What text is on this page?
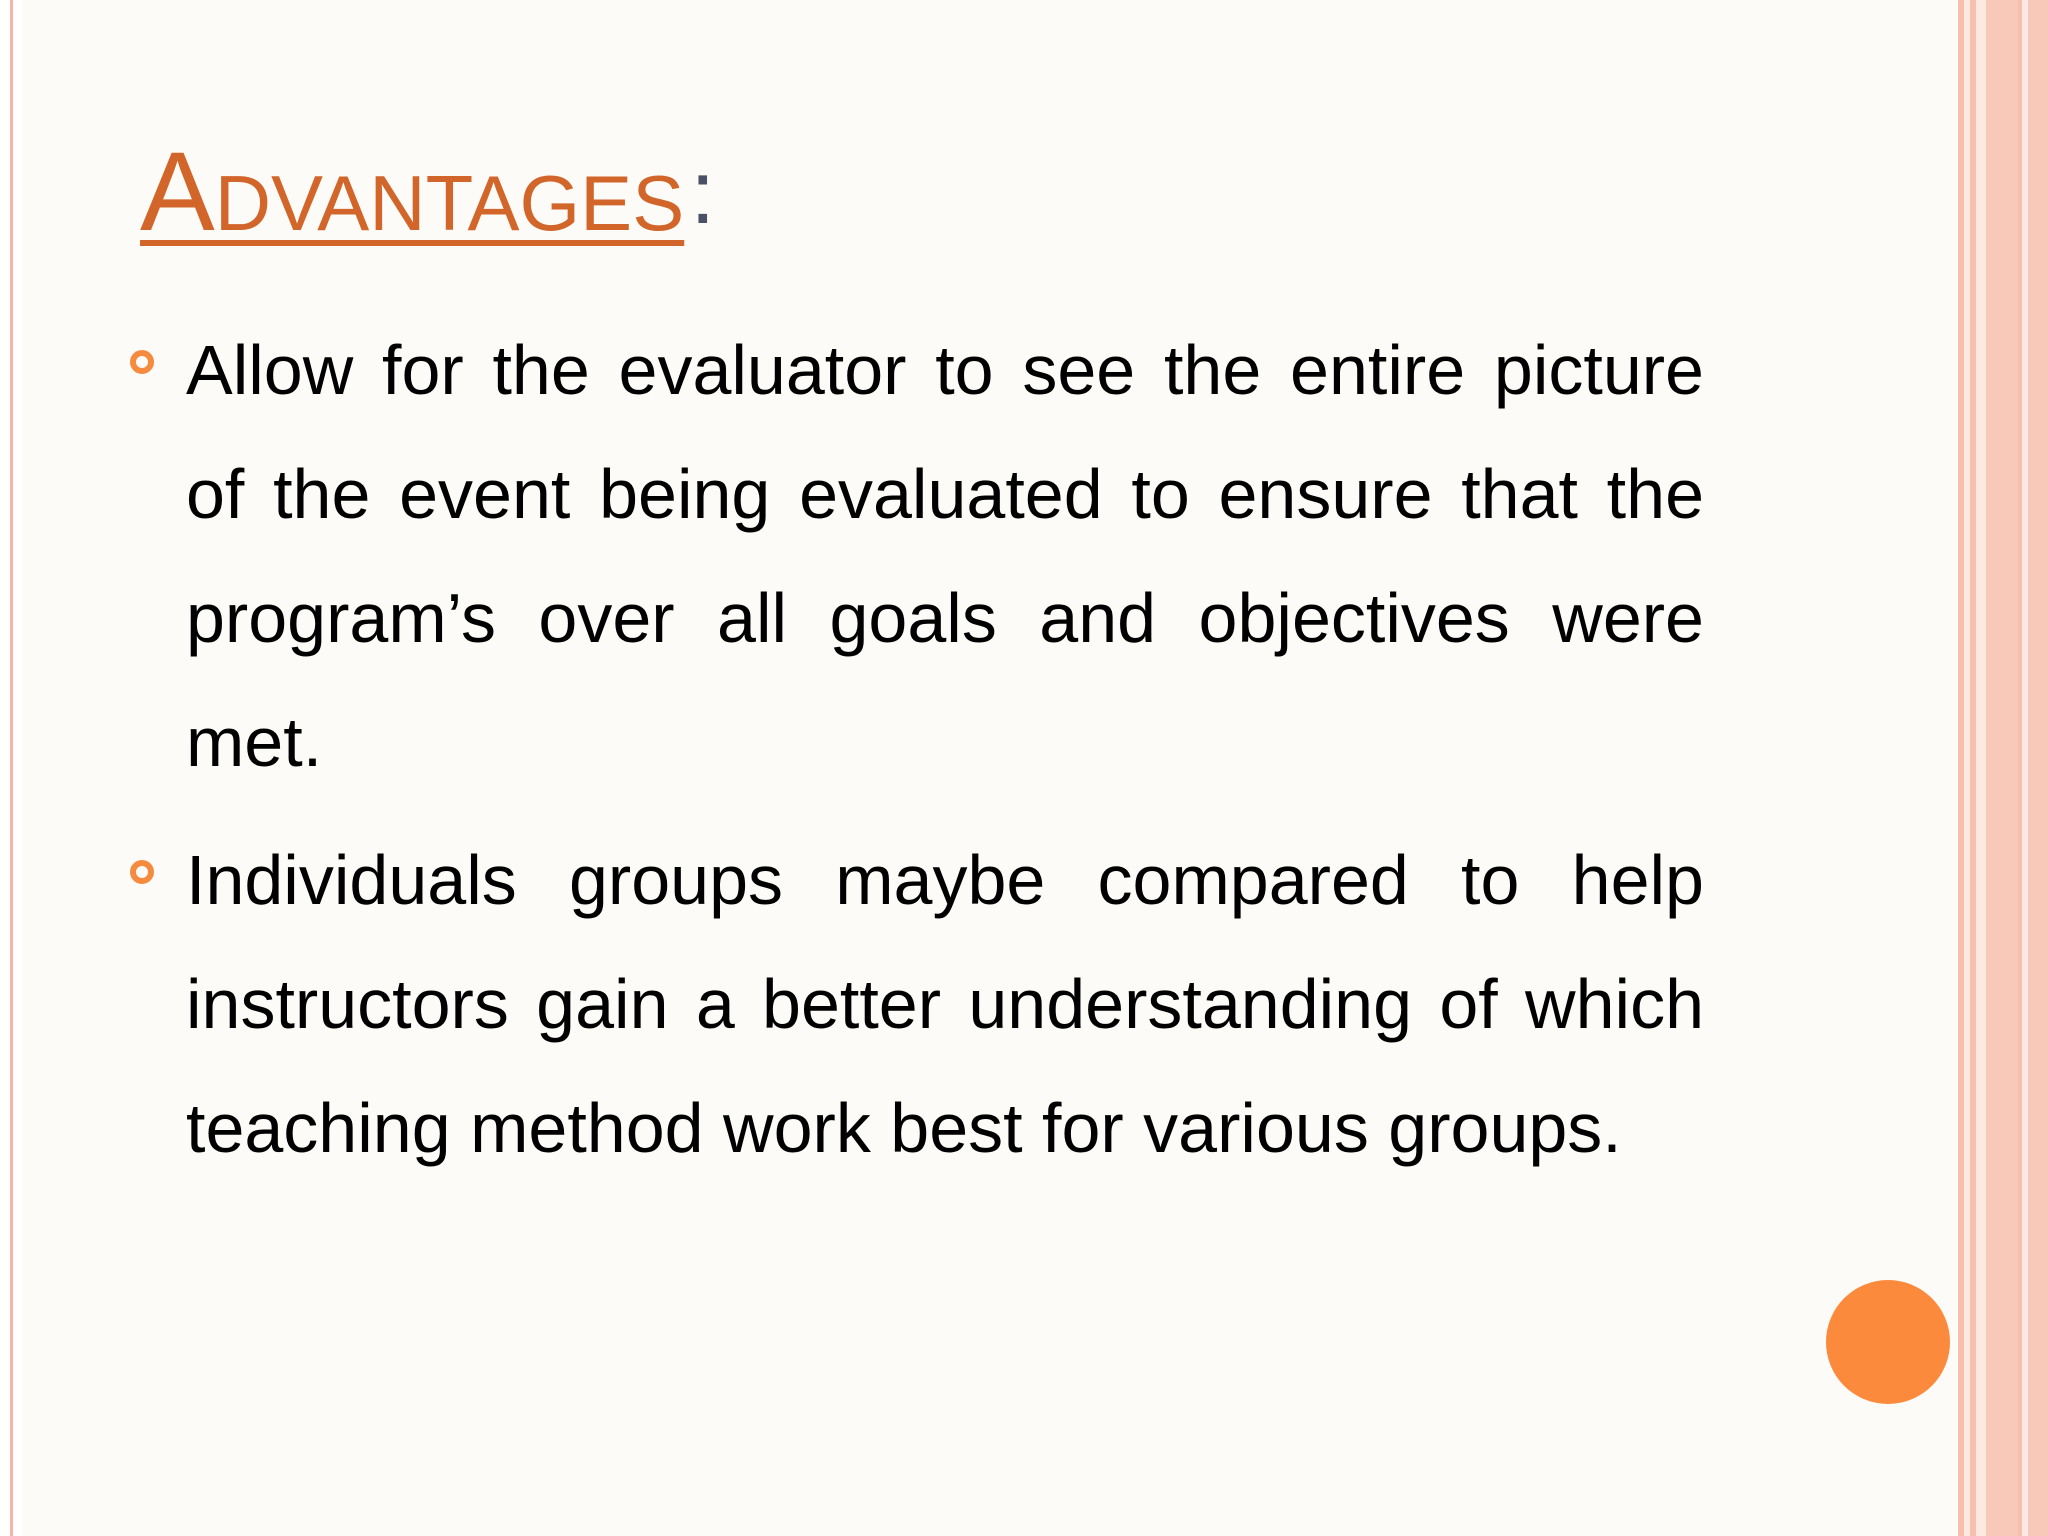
Advantages :
Allow for the evaluator to see the entire picture of the event being evaluated to ensure that the program’s over all goals and objectives were met.
Individuals groups maybe compared to help instructors gain a better understanding of which teaching method work best for various groups.
